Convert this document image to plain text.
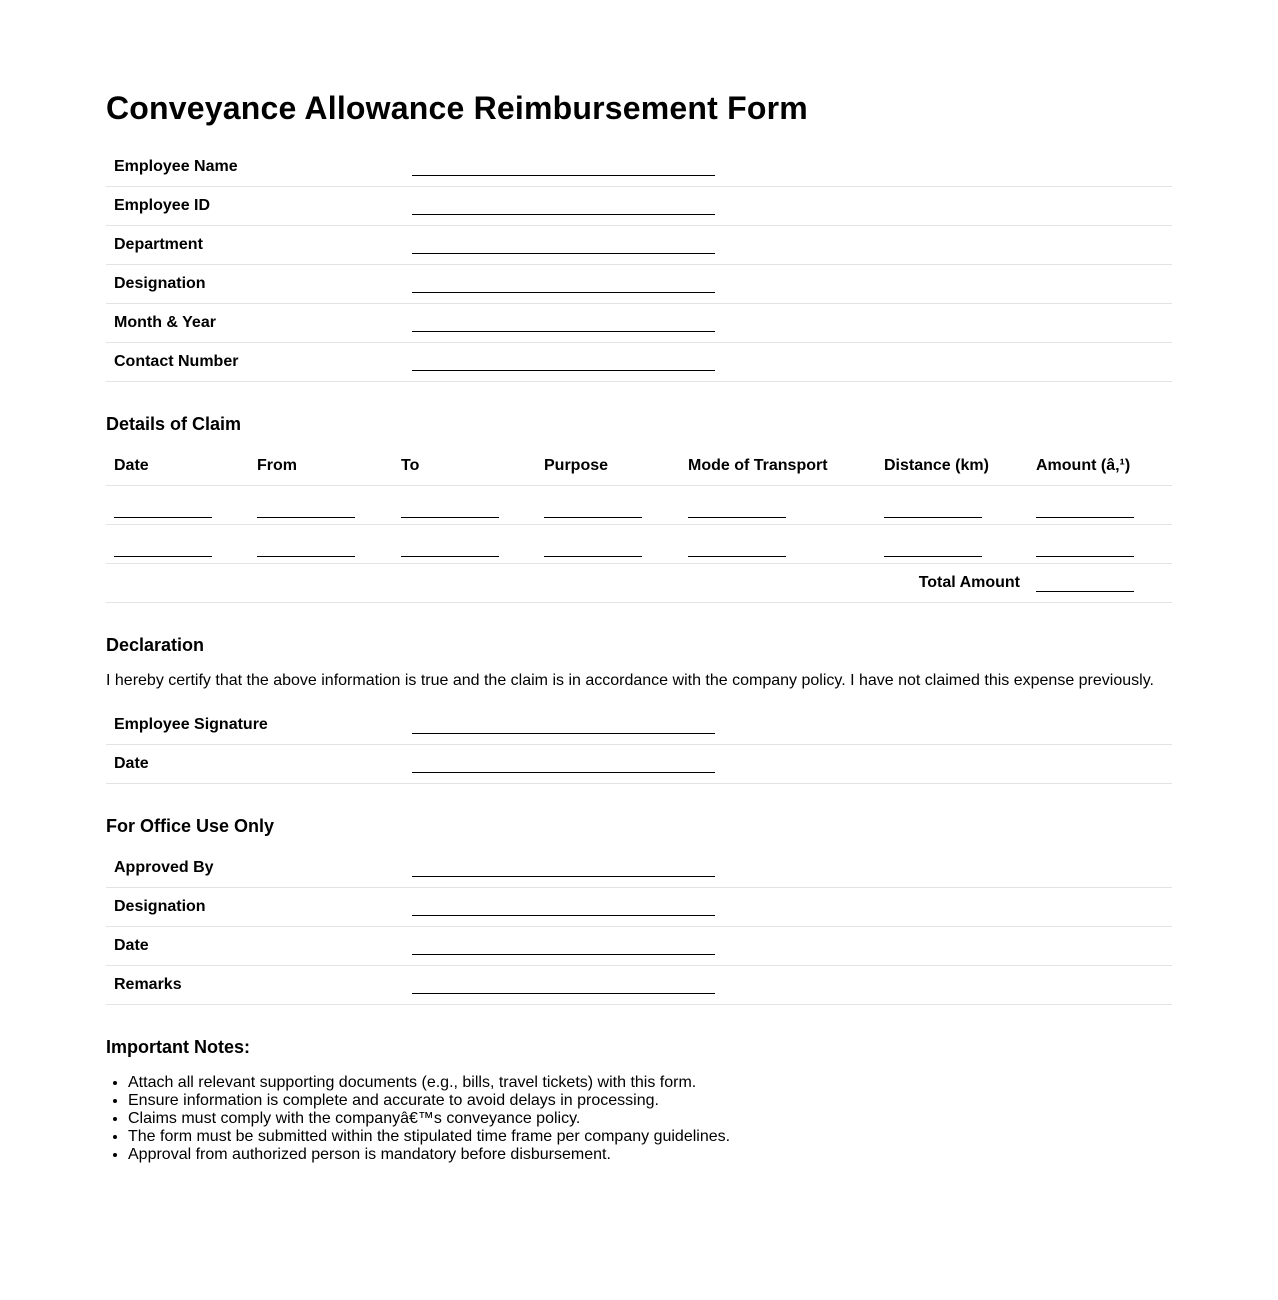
Conveyance Allowance Reimbursement Form
Employee Name	
Employee ID	
Department	
Designation	
Month & Year	
Contact Number	
Details of Claim
Date	From	To	Purpose	Mode of Transport	Distance (km)	Amount (â‚¹)

Total Amount						
Declaration

I hereby certify that the above information is true and the claim is in accordance with the company policy. I have not claimed this expense previously.

Employee Signature	
Date	
For Office Use Only
Approved By	
Designation	
Date	
Remarks	
Important Notes:
• Attach all relevant supporting documents (e.g., bills, travel tickets) with this form.
• Ensure information is complete and accurate to avoid delays in processing.
• Claims must comply with the companyâ€™s conveyance policy.
• The form must be submitted within the stipulated time frame per company guidelines.
• Approval from authorized person is mandatory before disbursement.
